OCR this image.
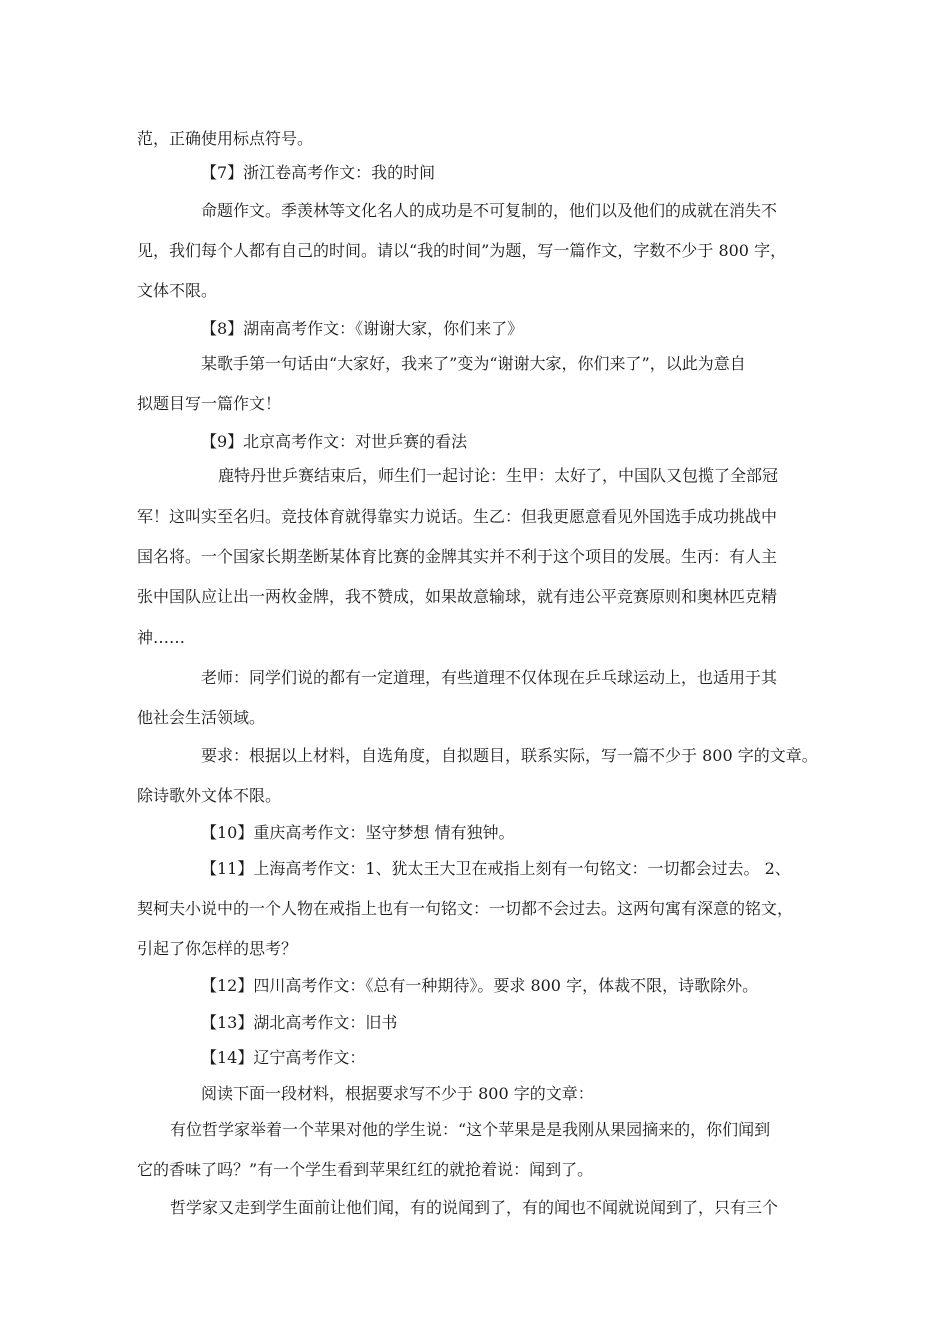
范，正确使用标点符号。
【7】浙江卷高考作文：我的时间
命题作文。季羡林等文化名人的成功是不可复制的，他们以及他们的成就在消失不
见，我们每个人都有自己的时间。请以“我的时间”为题，写一篇作文，字数不少于 800 字，
文体不限。
【8】湖南高考作文：《谢谢大家，你们来了》
某歌手第一句话由“大家好，我来了”变为“谢谢大家，你们来了”，以此为意自
拟题目写一篇作文！
【9】北京高考作文：对世乒赛的看法
鹿特丹世乒赛结束后，师生们一起讨论：生甲：太好了，中国队又包揽了全部冠
军！这叫实至名归。竞技体育就得靠实力说话。生乙：但我更愿意看见外国选手成功挑战中
国名将。一个国家长期垄断某体育比赛的金牌其实并不利于这个项目的发展。生丙：有人主
张中国队应让出一两枚金牌，我不赞成，如果故意输球，就有违公平竞赛原则和奥林匹克精
神……
老师：同学们说的都有一定道理，有些道理不仅体现在乒乓球运动上，也适用于其
他社会生活领域。
要求：根据以上材料，自选角度，自拟题目，联系实际，写一篇不少于 800 字的文章。
除诗歌外文体不限。
【10】重庆高考作文：坚守梦想 情有独钟。
【11】上海高考作文：1、犹太王大卫在戒指上刻有一句铭文：一切都会过去。 2、
契柯夫小说中的一个人物在戒指上也有一句铭文：一切都不会过去。这两句寓有深意的铭文，
引起了你怎样的思考？
【12】四川高考作文：《总有一种期待》。要求 800 字，体裁不限，诗歌除外。
【13】湖北高考作文：旧书
【14】辽宁高考作文：
阅读下面一段材料，根据要求写不少于 800 字的文章：
有位哲学家举着一个苹果对他的学生说：“这个苹果是是我刚从果园摘来的，你们闻到
它的香味了吗？”有一个学生看到苹果红红的就抢着说：闻到了。
哲学家又走到学生面前让他们闻，有的说闻到了，有的闻也不闻就说闻到了，只有三个
